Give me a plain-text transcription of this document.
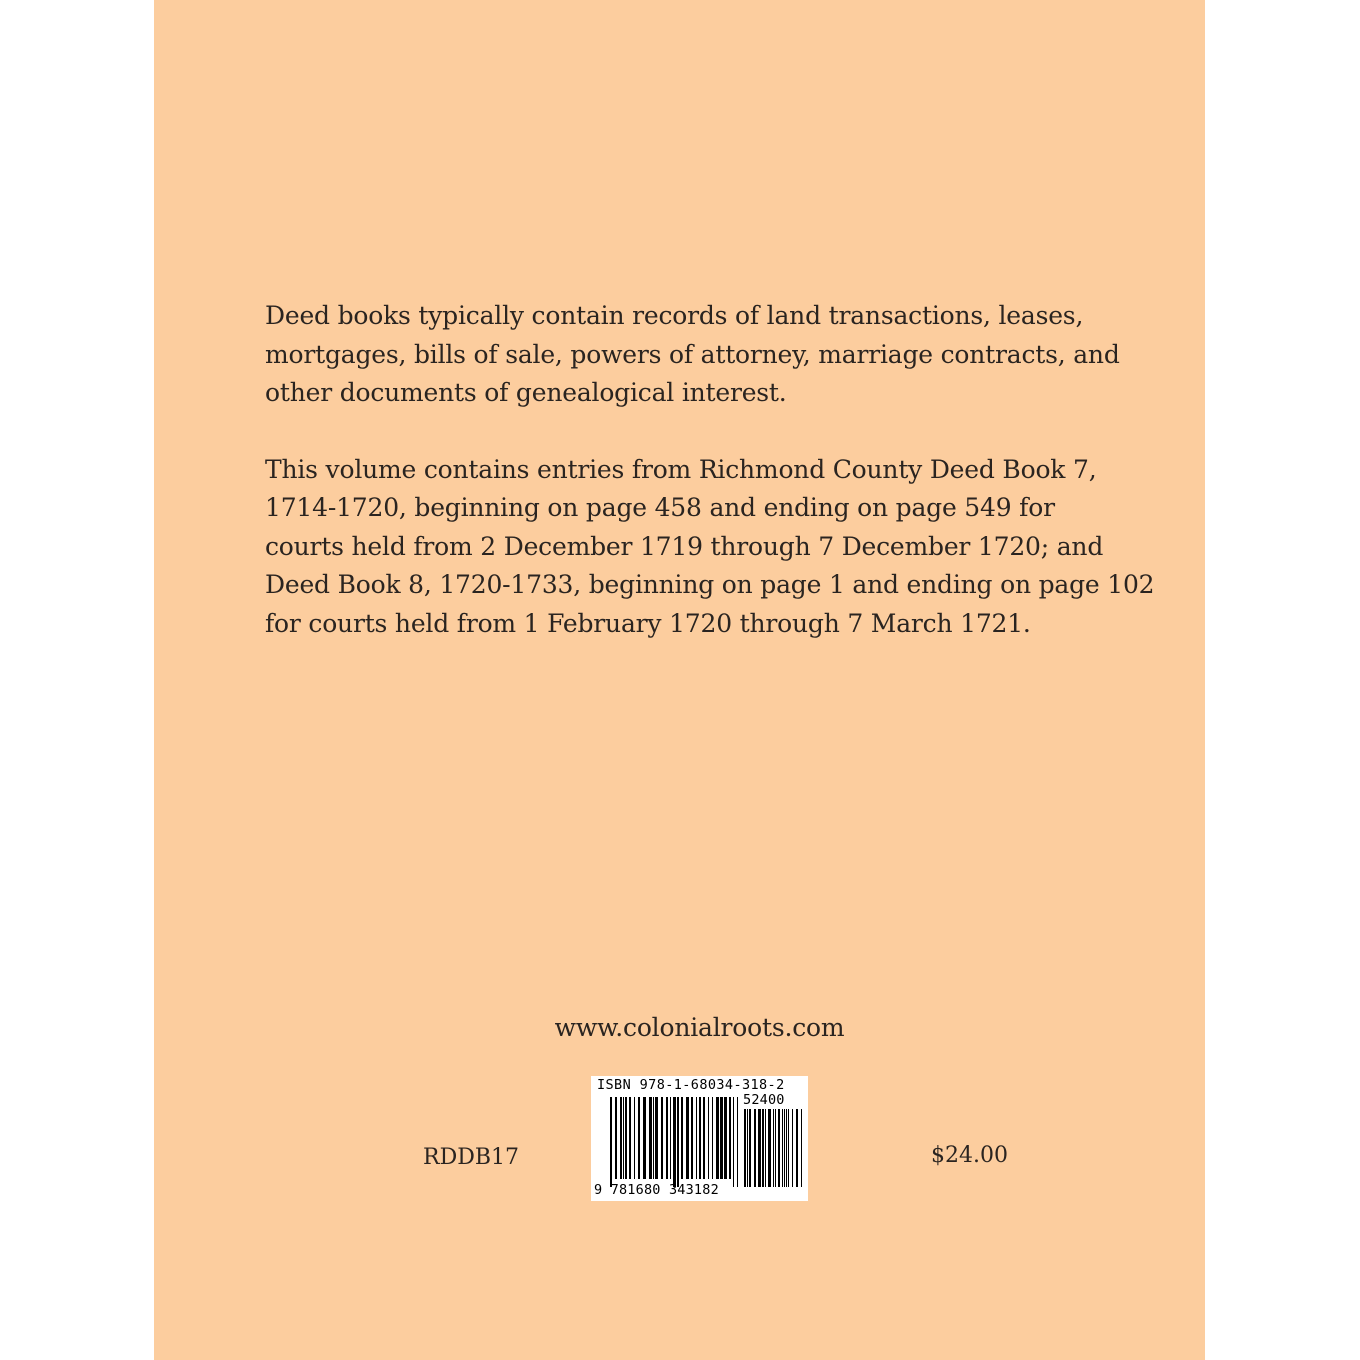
Deed books typically contain records of land transactions, leases,
mortgages, bills of sale, powers of attorney, marriage contracts, and
other documents of genealogical interest.

This volume contains entries from Richmond County Deed Book 7,
1714-1720, beginning on page 458 and ending on page 549 for
courts held from 2 December 1719 through 7 December 1720; and
Deed Book 8, 1720-1733, beginning on page 1 and ending on page 102
for courts held from 1 February 1720 through 7 March 1721.

www.colonialroots.com
RDDB17
ISBN 978-1-68034-318-2
52400
9 781680 343182
$24.00
